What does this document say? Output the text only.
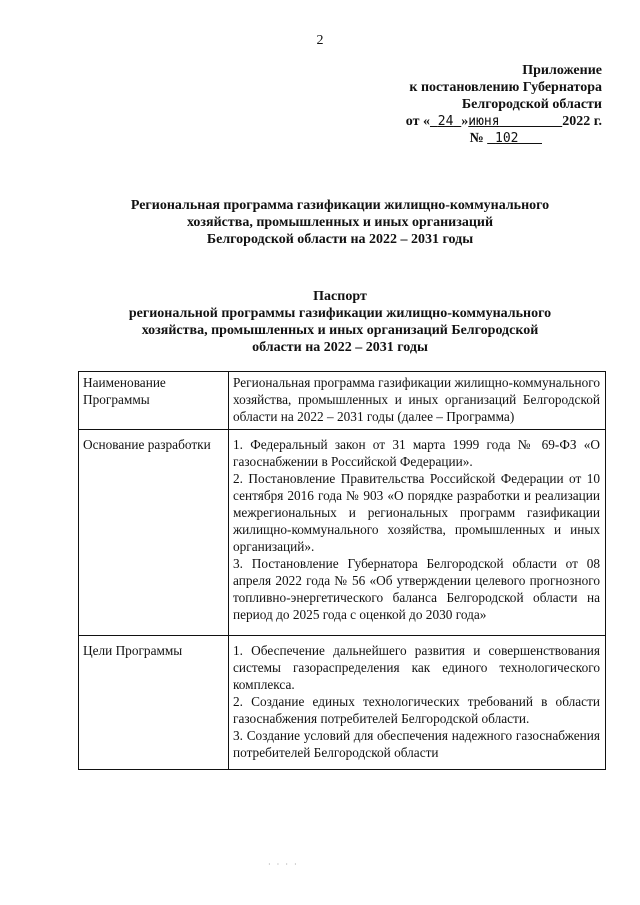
2
Приложение
к постановлению Губернатора
Белгородской области
от « 24 »июня	2022 г.
№ 102
Региональная программа газификации жилищно-коммунального
хозяйства, промышленных и иных организаций
Белгородской области на 2022 – 2031 годы
Паспорт
региональной программы газификации жилищно-коммунального
хозяйства, промышленных и иных организаций Белгородской
области на 2022 – 2031 годы
Наименование Программы	Региональная программа газификации жилищно-коммунального хозяйства, промышленных и иных организаций Белгородской области на 2022 – 2031 годы (далее – Программа)

Основание разработки	1. Федеральный закон от 31 марта 1999 года № 69-ФЗ «О газоснабжении в Российской Федерации».
2. Постановление Правительства Российской Федерации от 10 сентября 2016 года № 903 «О порядке разработки и реализации межрегиональных и региональных программ газификации жилищно-коммунального хозяйства, промышленных и иных организаций».
3. Постановление Губернатора Белгородской области от 08 апреля 2022 года № 56 «Об утверждении целевого прогнозного топливно-энергетического баланса Белгородской области на период до 2025 года с оценкой до 2030 года»

Цели Программы	1. Обеспечение дальнейшего развития и совершенствования системы газораспределения как единого технологического комплекса.
2. Создание единых технологических требований в области газоснабжения потребителей Белгородской области.
3. Создание условий для обеспечения надежного газоснабжения потребителей Белгородской области
· · · ·
